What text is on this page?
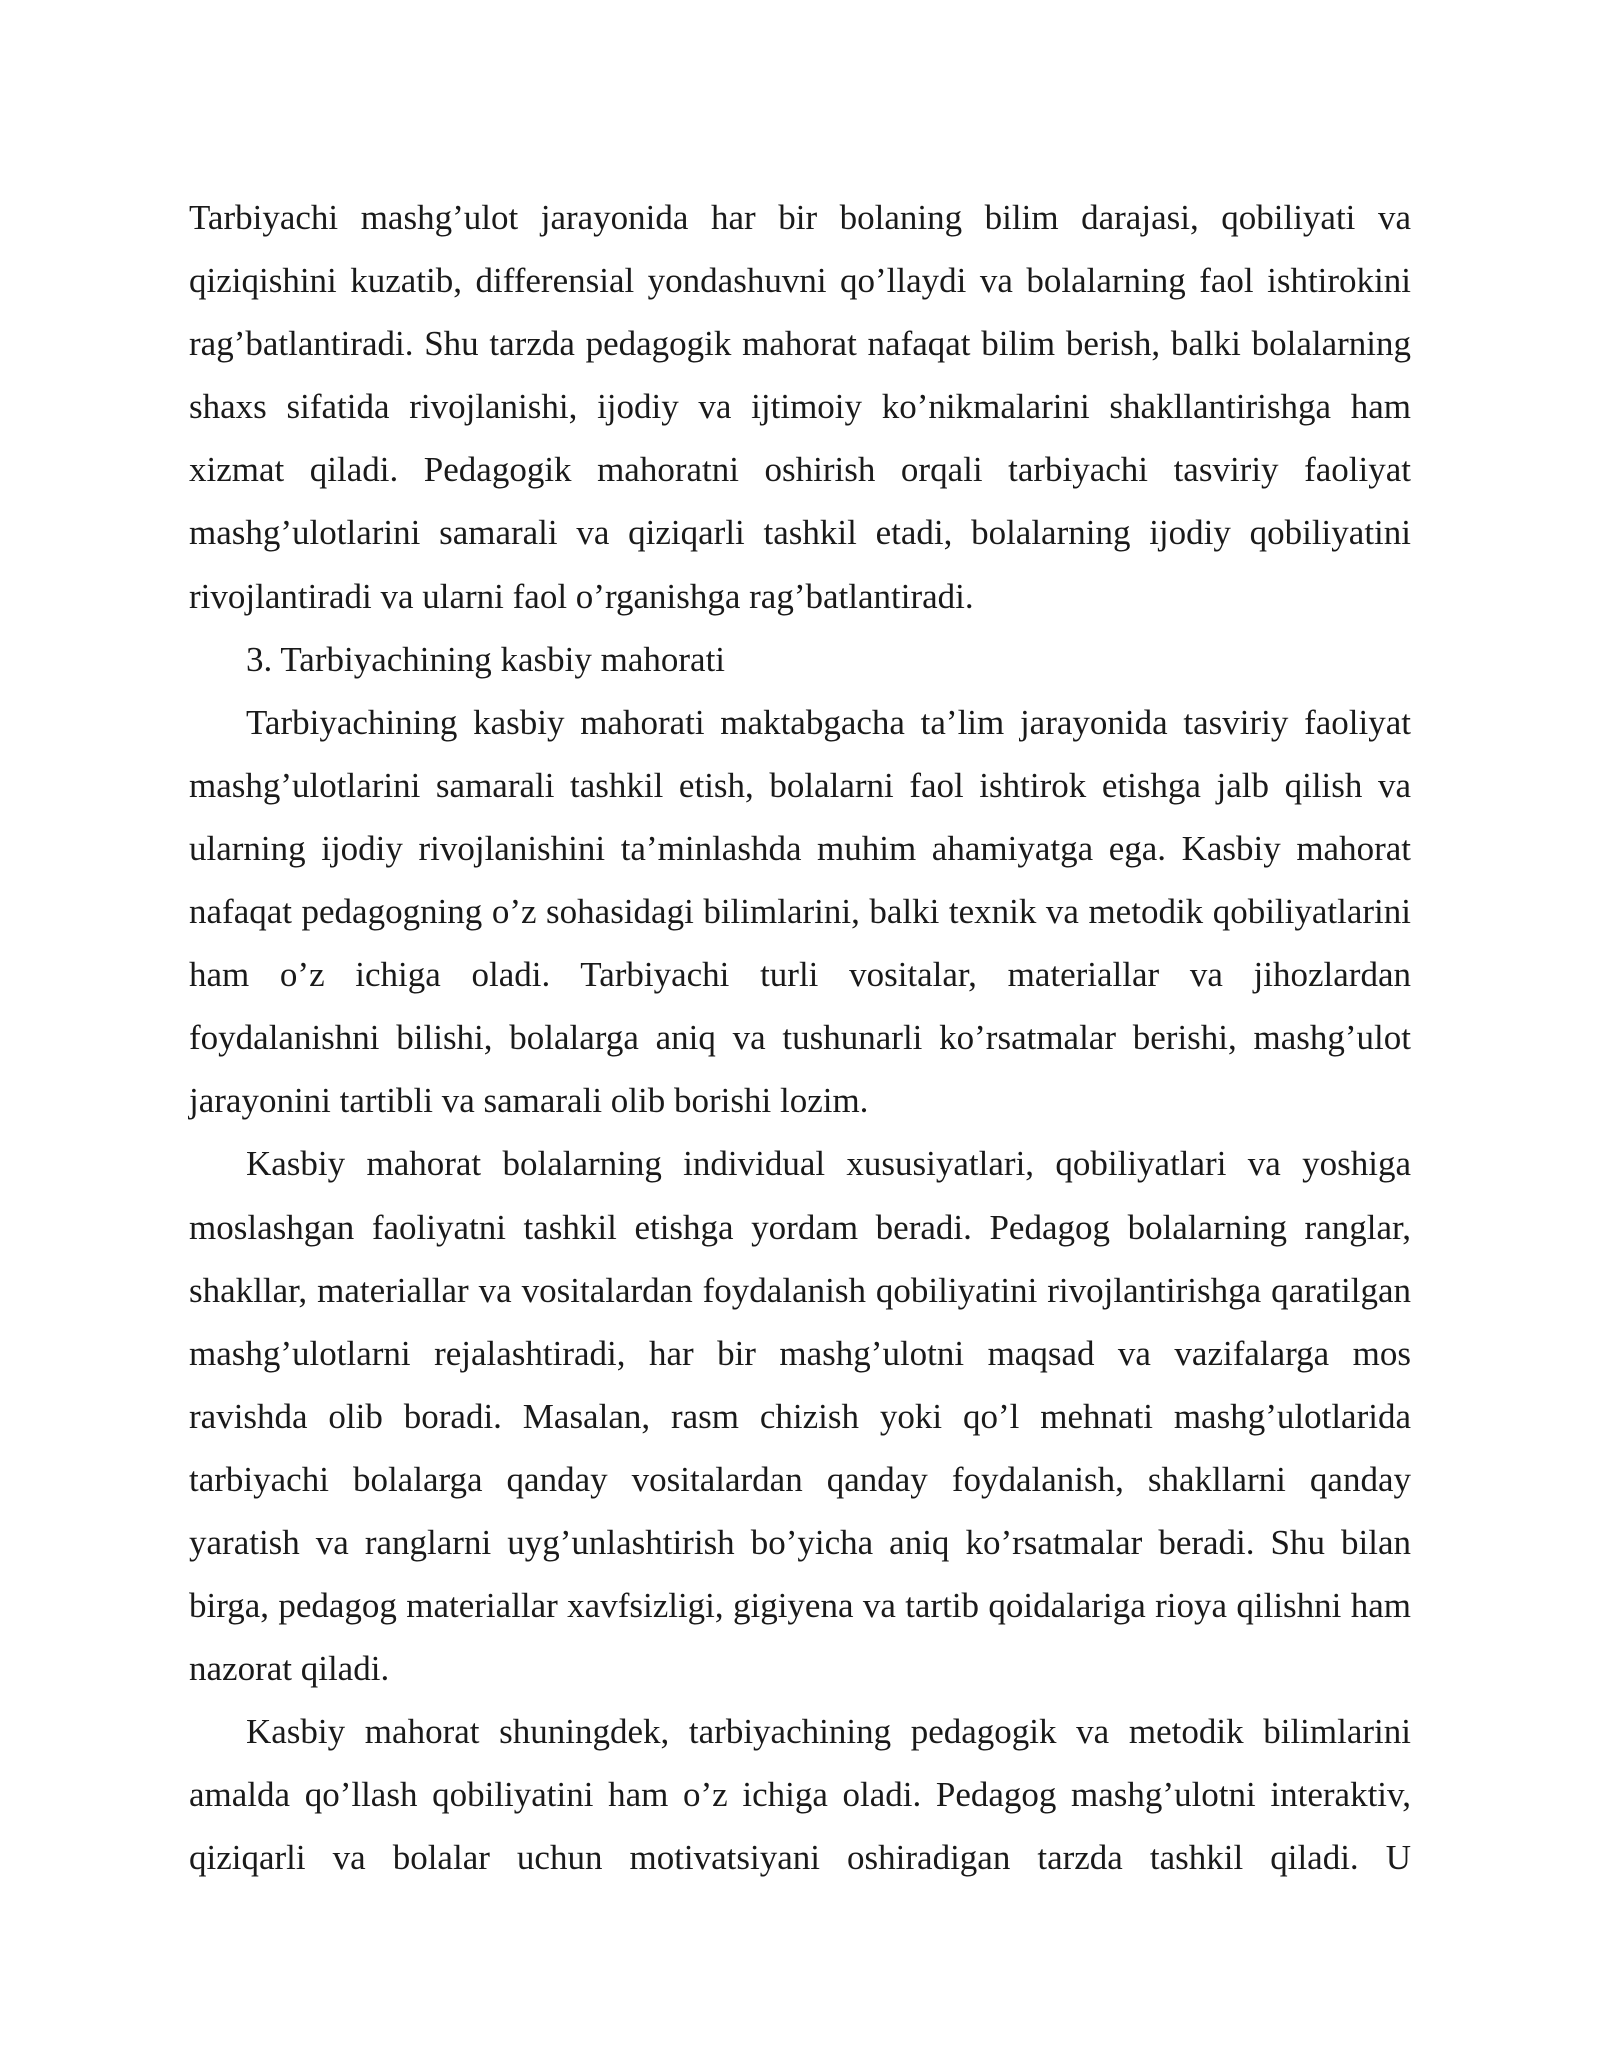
Tarbiyachi mashg’ulot jarayonida har bir bolaning bilim darajasi, qobiliyati va qiziqishini kuzatib, differensial yondashuvni qo’llaydi va bolalarning faol ishtirokini rag’batlantiradi. Shu tarzda pedagogik mahorat nafaqat bilim berish, balki bolalarning shaxs sifatida rivojlanishi, ijodiy va ijtimoiy ko’nikmalarini shakllantirishga ham xizmat qiladi. Pedagogik mahoratni oshirish orqali tarbiyachi tasviriy faoliyat mashg’ulotlarini samarali va qiziqarli tashkil etadi, bolalarning ijodiy qobiliyatini rivojlantiradi va ularni faol o’rganishga rag’batlantiradi.

3. Tarbiyachining kasbiy mahorati

Tarbiyachining kasbiy mahorati maktabgacha ta’lim jarayonida tasviriy faoliyat mashg’ulotlarini samarali tashkil etish, bolalarni faol ishtirok etishga jalb qilish va ularning ijodiy rivojlanishini ta’minlashda muhim ahamiyatga ega. Kasbiy mahorat nafaqat pedagogning o’z sohasidagi bilimlarini, balki texnik va metodik qobiliyatlarini ham o’z ichiga oladi. Tarbiyachi turli vositalar, materiallar va jihozlardan foydalanishni bilishi, bolalarga aniq va tushunarli ko’rsatmalar berishi, mashg’ulot jarayonini tartibli va samarali olib borishi lozim.

Kasbiy mahorat bolalarning individual xususiyatlari, qobiliyatlari va yoshiga moslashgan faoliyatni tashkil etishga yordam beradi. Pedagog bolalarning ranglar, shakllar, materiallar va vositalardan foydalanish qobiliyatini rivojlantirishga qaratilgan mashg’ulotlarni rejalashtiradi, har bir mashg’ulotni maqsad va vazifalarga mos ravishda olib boradi. Masalan, rasm chizish yoki qo’l mehnati mashg’ulotlarida tarbiyachi bolalarga qanday vositalardan qanday foydalanish, shakllarni qanday yaratish va ranglarni uyg’unlashtirish bo’yicha aniq ko’rsatmalar beradi. Shu bilan birga, pedagog materiallar xavfsizligi, gigiyena va tartib qoidalariga rioya qilishni ham nazorat qiladi.

Kasbiy mahorat shuningdek, tarbiyachining pedagogik va metodik bilimlarini amalda qo’llash qobiliyatini ham o’z ichiga oladi. Pedagog mashg’ulotni interaktiv, qiziqarli va bolalar uchun motivatsiyani oshiradigan tarzda tashkil qiladi. U
